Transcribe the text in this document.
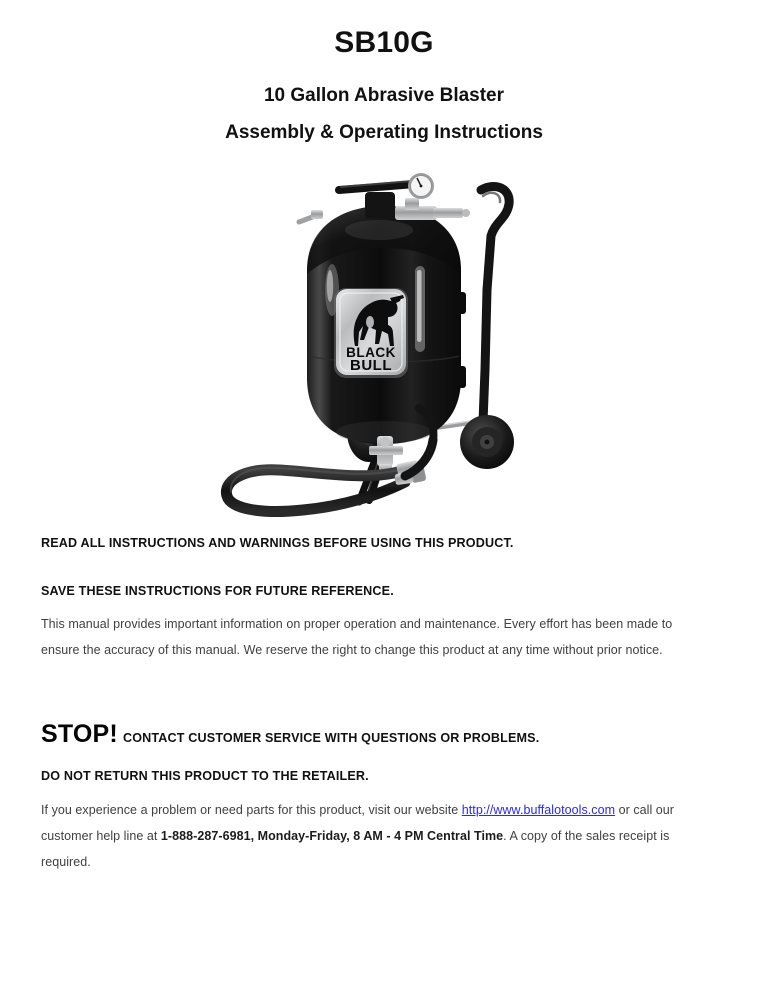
SB10G
10 Gallon Abrasive Blaster
Assembly & Operating Instructions
BLACK
BULL
READ ALL INSTRUCTIONS AND WARNINGS BEFORE USING THIS PRODUCT.
SAVE THESE INSTRUCTIONS FOR FUTURE REFERENCE.

This manual provides important information on proper operation and maintenance. Every effort has been made to ensure the accuracy of this manual. We reserve the right to change this product at any time without prior notice.

STOP! CONTACT CUSTOMER SERVICE WITH QUESTIONS OR PROBLEMS.

DO NOT RETURN THIS PRODUCT TO THE RETAILER.

If you experience a problem or need parts for this product, visit our website http://www.buffalotools.com or call our customer help line at 1-888-287-6981, Monday-Friday, 8 AM - 4 PM Central Time. A copy of the sales receipt is required.
